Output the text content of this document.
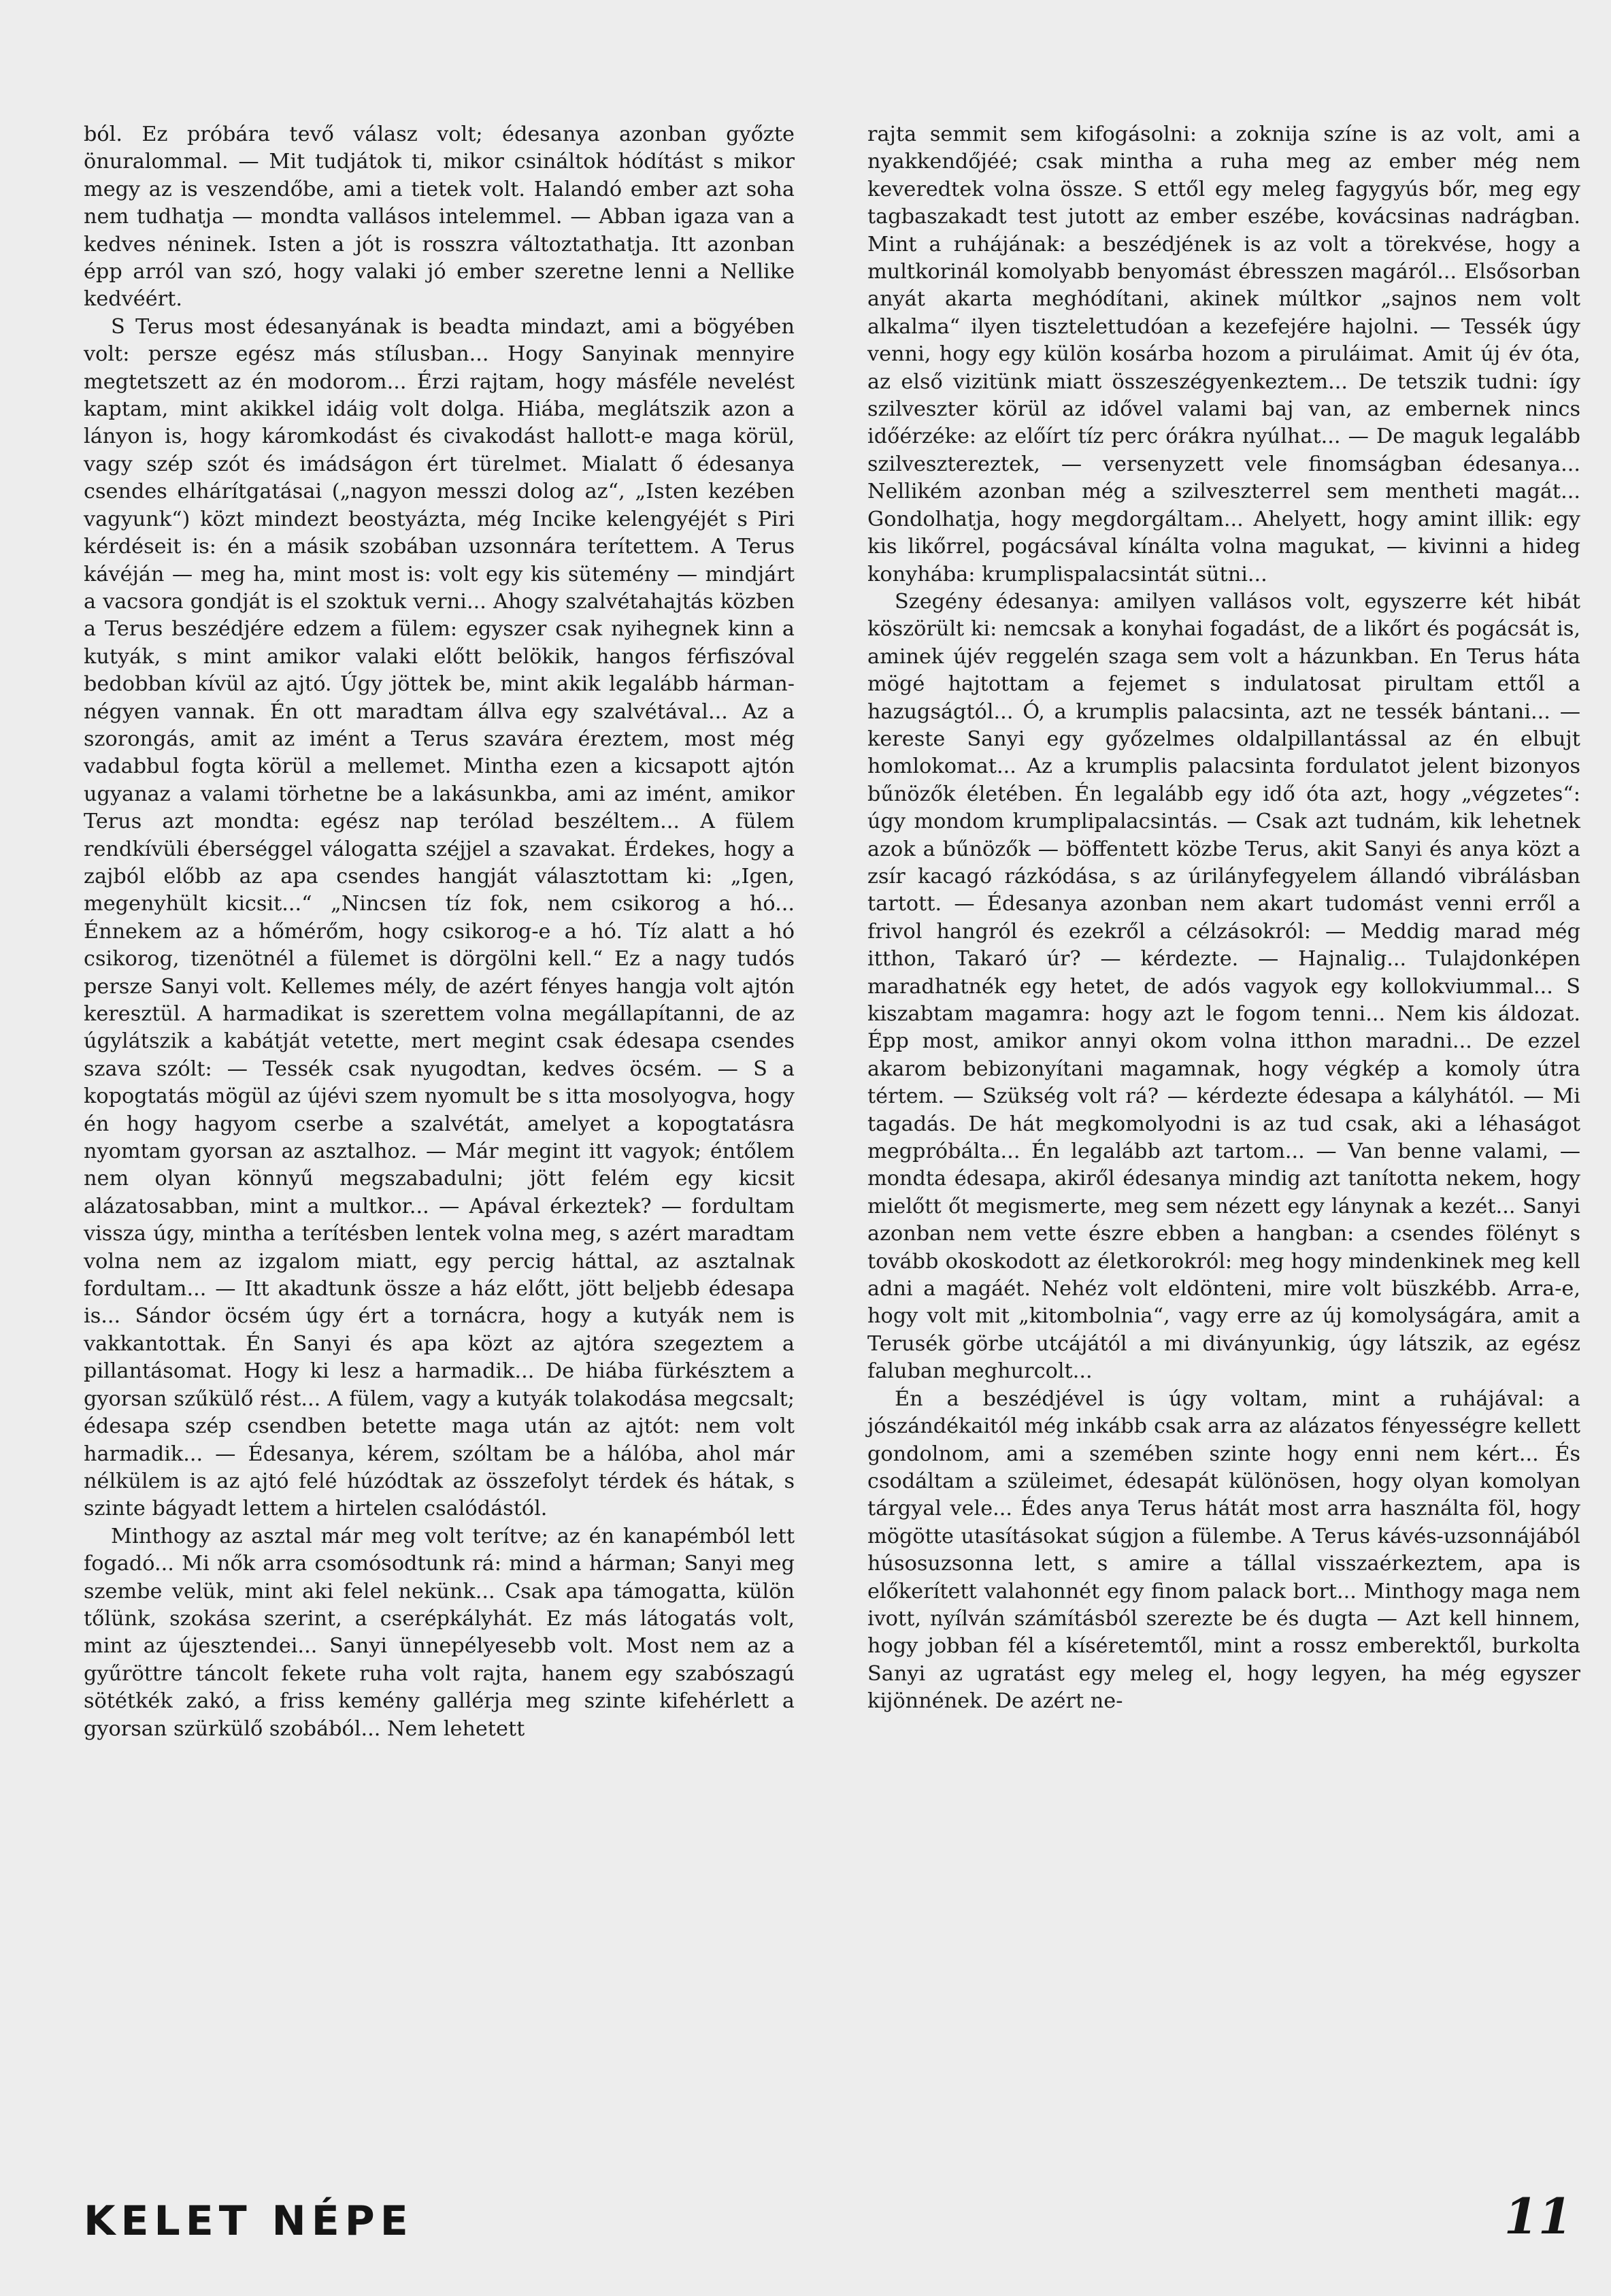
ból. Ez próbára tevő válasz volt; édesanya azonban győzte önuralommal. — Mit tudjátok ti, mikor csináltok hódítást s mikor megy az is veszendőbe, ami a tietek volt. Halandó ember azt soha nem tudhatja — mondta vallásos intelemmel. — Abban igaza van a kedves néninek. Isten a jót is rosszra változtathatja. Itt azonban épp arról van szó, hogy valaki jó ember szeretne lenni a Nellike kedvéért.

S Terus most édesanyának is beadta mindazt, ami a bögyében volt: persze egész más stílusban... Hogy Sanyinak mennyire megtetszett az én modorom... Érzi rajtam, hogy másféle nevelést kaptam, mint akikkel idáig volt dolga. Hiába, meglátszik azon a lányon is, hogy káromkodást és civakodást hallott-e maga körül, vagy szép szót és imádságon ért türelmet. Mialatt ő édesanya csendes elhárítgatásai („nagyon messzi dolog az“, „Isten kezében vagyunk“) közt mindezt beostyázta, még Incike kelengyéjét s Piri kérdéseit is: én a másik szobában uzsonnára terítettem. A Terus kávéján — meg ha, mint most is: volt egy kis sütemény — mindjárt a vacsora gondját is el szoktuk verni... Ahogy szalvétahajtás közben a Terus beszédjére edzem a fülem: egyszer csak nyihegnek kinn a kutyák, s mint amikor valaki előtt belökik, hangos férfiszóval bedobban kívül az ajtó. Úgy jöttek be, mint akik legalább hárman-négyen vannak. Én ott maradtam állva egy szalvétával... Az a szorongás, amit az imént a Terus szavára éreztem, most még vadabbul fogta körül a mellemet. Mintha ezen a kicsapott ajtón ugyanaz a valami törhetne be a lakásunkba, ami az imént, amikor Terus azt mondta: egész nap terólad beszéltem... A fülem rendkívüli éberséggel válogatta széjjel a szavakat. Érdekes, hogy a zajból előbb az apa csendes hangját választottam ki: „Igen, megenyhült kicsit...“ „Nincsen tíz fok, nem csikorog a hó... Énnekem az a hőmérőm, hogy csikorog-e a hó. Tíz alatt a hó csikorog, tizenötnél a fülemet is dörgölni kell.“ Ez a nagy tudós persze Sanyi volt. Kellemes mély, de azért fényes hangja volt ajtón keresztül. A harmadikat is szerettem volna megállapítanni, de az úgylátszik a kabátját vetette, mert megint csak édesapa csendes szava szólt: — Tessék csak nyugodtan, kedves öcsém. — S a kopogtatás mögül az újévi szem nyomult be s itta mosolyogva, hogy én hogy hagyom cserbe a szalvétát, amelyet a kopogtatásra nyomtam gyorsan az asztalhoz. — Már megint itt vagyok; éntőlem nem olyan könnyű megszabadulni; jött felém egy kicsit alázatosabban, mint a multkor... — Apával érkeztek? — fordultam vissza úgy, mintha a terítésben lentek volna meg, s azért maradtam volna nem az izgalom miatt, egy percig háttal, az asztalnak fordultam... — Itt akadtunk össze a ház előtt, jött beljebb édesapa is... Sándor öcsém úgy ért a tornácra, hogy a kutyák nem is vakkantottak. Én Sanyi és apa közt az ajtóra szegeztem a pillantásomat. Hogy ki lesz a harmadik... De hiába fürkésztem a gyorsan szűkülő rést... A fülem, vagy a kutyák tolakodása megcsalt; édesapa szép csendben betette maga után az ajtót: nem volt harmadik... — Édesanya, kérem, szóltam be a hálóba, ahol már nélkülem is az ajtó felé húzódtak az összefolyt térdek és hátak, s szinte bágyadt lettem a hirtelen csalódástól.

Minthogy az asztal már meg volt terítve; az én kanapémból lett fogadó... Mi nők arra csomósodtunk rá: mind a hárman; Sanyi meg szembe velük, mint aki felel nekünk... Csak apa támogatta, külön tőlünk, szokása szerint, a cserépkályhát. Ez más látogatás volt, mint az újesztendei... Sanyi ünnepélyesebb volt. Most nem az a gyűröttre táncolt fekete ruha volt rajta, hanem egy szabószagú sötétkék zakó, a friss kemény gallérja meg szinte kifehérlett a gyorsan szürkülő szobából... Nem lehetett

rajta semmit sem kifogásolni: a zoknija színe is az volt, ami a nyakkendőjéé; csak mintha a ruha meg az ember még nem keveredtek volna össze. S ettől egy meleg fagygyús bőr, meg egy tagbaszakadt test jutott az ember eszébe, kovácsinas nadrágban. Mint a ruhájának: a beszédjének is az volt a törekvése, hogy a multkorinál komolyabb benyomást ébresszen magáról... Elsősorban anyát akarta meghódítani, akinek múltkor „sajnos nem volt alkalma“ ilyen tisztelettudóan a kezefejére hajolni. — Tessék úgy venni, hogy egy külön kosárba hozom a piruláimat. Amit új év óta, az első vizitünk miatt összeszégyenkeztem... De tetszik tudni: így szilveszter körül az idővel valami baj van, az embernek nincs időérzéke: az előírt tíz perc órákra nyúlhat... — De maguk legalább szilvesztereztek, — versenyzett vele finomságban édesanya... Nellikém azonban még a szilveszterrel sem mentheti magát... Gondolhatja, hogy megdorgáltam... Ahelyett, hogy amint illik: egy kis likőrrel, pogácsával kínálta volna magukat, — kivinni a hideg konyhába: krumplispalacsintát sütni...

Szegény édesanya: amilyen vallásos volt, egyszerre két hibát köszörült ki: nemcsak a konyhai fogadást, de a likőrt és pogácsát is, aminek újév reggelén szaga sem volt a házunkban. En Terus háta mögé hajtottam a fejemet s indulatosat pirultam ettől a hazugságtól... Ó, a krumplis palacsinta, azt ne tessék bántani... — kereste Sanyi egy győzelmes oldalpillantással az én elbujt homlokomat... Az a krumplis palacsinta fordulatot jelent bizonyos bűnözők életében. Én legalább egy idő óta azt, hogy „végzetes“: úgy mondom krumplipalacsintás. — Csak azt tudnám, kik lehetnek azok a bűnözők — böffentett közbe Terus, akit Sanyi és anya közt a zsír kacagó rázkódása, s az úrilányfegyelem állandó vibrálásban tartott. — Édesanya azonban nem akart tudomást venni erről a frivol hangról és ezekről a célzásokról: — Meddig marad még itthon, Takaró úr? — kérdezte. — Hajnalig... Tulajdonképen maradhatnék egy hetet, de adós vagyok egy kollokviummal... S kiszabtam magamra: hogy azt le fogom tenni... Nem kis áldozat. Épp most, amikor annyi okom volna itthon maradni... De ezzel akarom bebizonyítani magamnak, hogy végkép a komoly útra tértem. — Szükség volt rá? — kérdezte édesapa a kályhától. — Mi tagadás. De hát megkomolyodni is az tud csak, aki a léhaságot megpróbálta... Én legalább azt tartom... — Van benne valami, — mondta édesapa, akiről édesanya mindig azt tanította nekem, hogy mielőtt őt megismerte, meg sem nézett egy lánynak a kezét... Sanyi azonban nem vette észre ebben a hangban: a csendes fölényt s tovább okoskodott az életkorokról: meg hogy mindenkinek meg kell adni a magáét. Nehéz volt eldönteni, mire volt büszkébb. Arra-e, hogy volt mit „kitombolnia“, vagy erre az új komolyságára, amit a Terusék görbe utcájától a mi diványunkig, úgy látszik, az egész faluban meghurcolt...

Én a beszédjével is úgy voltam, mint a ruhájával: a jószándékaitól még inkább csak arra az alázatos fényességre kellett gondolnom, ami a szemében szinte hogy enni nem kért... És csodáltam a szüleimet, édesapát különösen, hogy olyan komolyan tárgyal vele... Édes anya Terus hátát most arra használta föl, hogy mögötte utasításokat súgjon a fülembe. A Terus kávés-uzsonnájából húsosuzsonna lett, s amire a tállal visszaérkeztem, apa is előkerített valahonnét egy finom palack bort... Minthogy maga nem ivott, nyílván számításból szerezte be és dugta — Azt kell hinnem, hogy jobban fél a kíséretemtől, mint a rossz emberektől, burkolta Sanyi az ugratást egy meleg el, hogy legyen, ha még egyszer kijönnének. De azért ne-

KELET NÉPE	11
